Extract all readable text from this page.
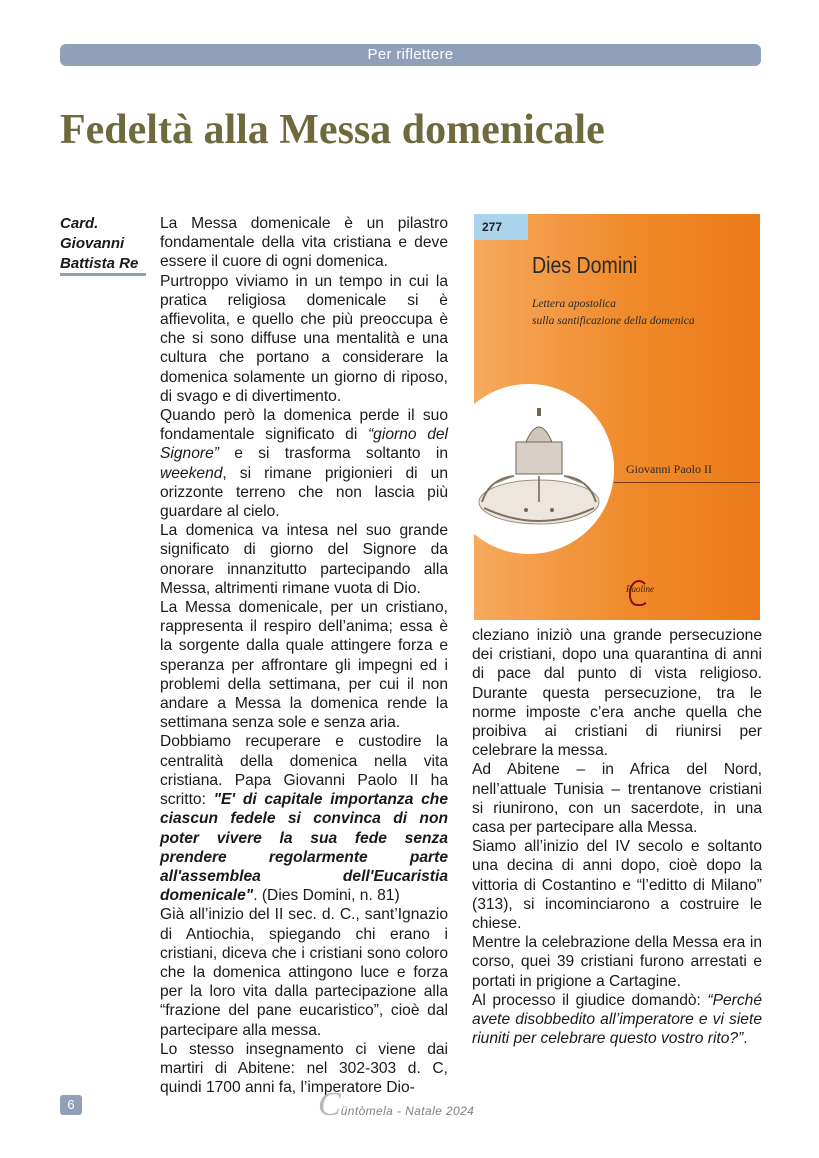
Per riflettere
Fedeltà alla Messa domenicale
Card.
Giovanni
Battista Re

La Messa domenicale è un pilastro fondamentale della vita cristiana e deve essere il cuore di ogni domenica.

Purtroppo viviamo in un tempo in cui la pratica religiosa domenicale si è affievolita, e quello che più preoccupa è che si sono diffuse una mentalità e una cultura che portano a considerare la domenica solamente un giorno di riposo, di svago e di divertimento.

Quando però la domenica perde il suo fondamentale significato di “giorno del Signore” e si trasforma soltanto in weekend, si rimane prigionieri di un orizzonte terreno che non lascia più guardare al cielo.

La domenica va intesa nel suo grande significato di giorno del Signore da onorare innanzitutto partecipando alla Messa, altrimenti rimane vuota di Dio.

La Messa domenicale, per un cristiano, rappresenta il respiro dell’anima; essa è la sorgente dalla quale attingere forza e speranza per affrontare gli impegni ed i problemi della settimana, per cui il non andare a Messa la domenica rende la settimana senza sole e senza aria.

Dobbiamo recuperare e custodire la centralità della domenica nella vita cristiana. Papa Giovanni Paolo II ha scritto: "E' di capitale importanza che ciascun fedele si convinca di non poter vivere la sua fede senza prendere regolarmente parte all'assemblea dell'Eucaristia domenicale". (Dies Domini, n. 81)

Già all’inizio del II sec. d. C., sant’Ignazio di Antiochia, spiegando chi erano i cristiani, diceva che i cristiani sono coloro che la domenica attingono luce e forza per la loro vita dalla partecipazione alla “frazione del pane eucaristico”, cioè dal partecipare alla messa.

Lo stesso insegnamento ci viene dai martiri di Abitene: nel 302-303 d. C, quindi 1700 anni fa, l’imperatore Dio-

277
Dies Domini
Lettera apostolica
sulla santificazione della domenica
Giovanni Paolo II
Paoline

cleziano iniziò una grande persecuzione dei cristiani, dopo una quarantina di anni di pace dal punto di vista religioso. Durante questa persecuzione, tra le norme imposte c’era anche quella che proibiva ai cristiani di riunirsi per celebrare la messa.

Ad Abitene – in Africa del Nord, nell’attuale Tunisia – trentanove cristiani si riunirono, con un sacerdote, in una casa per partecipare alla Messa.

Siamo all’inizio del IV secolo e soltanto una decina di anni dopo, cioè dopo la vittoria di Costantino e “l’editto di Milano” (313), si incominciarono a costruire le chiese.

Mentre la celebrazione della Messa era in corso, quei 39 cristiani furono arrestati e portati in prigione a Cartagine.

Al processo il giudice domandò: “Perché avete disobbedito all’imperatore e vi siete riuniti per celebrare questo vostro rito?”.

6	Cüntòmela - Natale 2024
